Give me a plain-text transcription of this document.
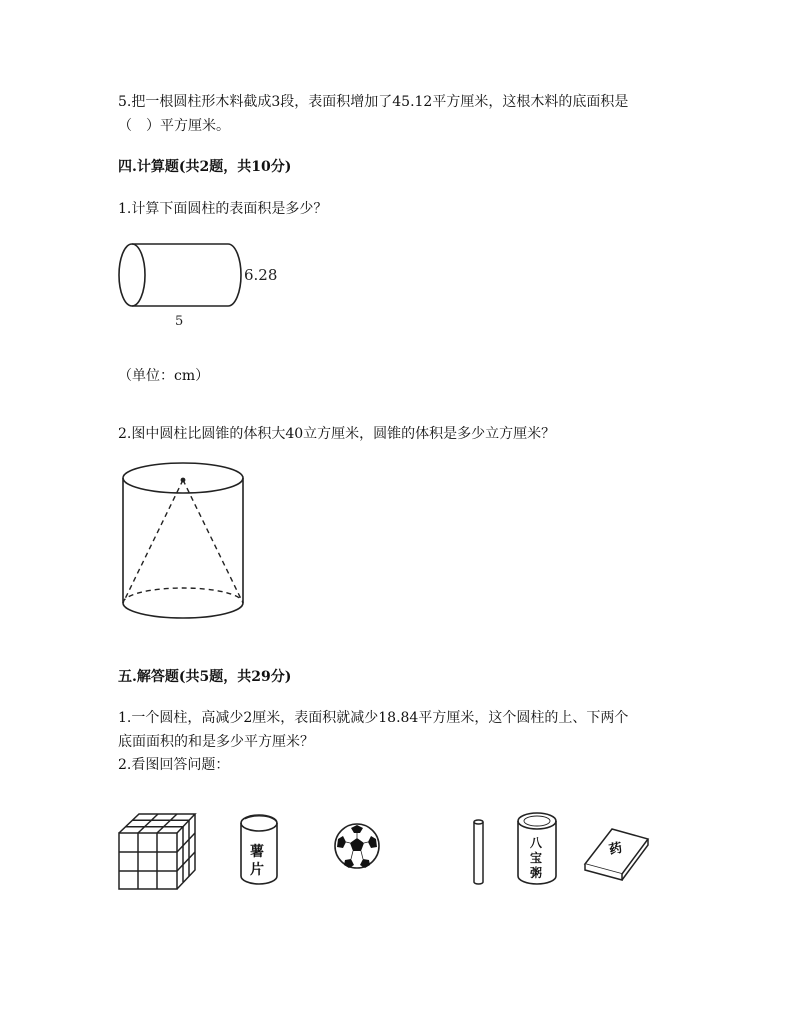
5.把一根圆柱形木料截成3段，表面积增加了45.12平方厘米，这根木料的底面积是
（　）平方厘米。
四.计算题(共2题，共10分)
1.计算下面圆柱的表面积是多少？
6.28
5
（单位：cm）
2.图中圆柱比圆锥的体积大40立方厘米，圆锥的体积是多少立方厘米？
五.解答题(共5题，共29分)
1.一个圆柱，高减少2厘米，表面积就减少18.84平方厘米，这个圆柱的上、下两个
底面面积的和是多少平方厘米？
2.看图回答问题：
薯
片
八
宝
粥
药
